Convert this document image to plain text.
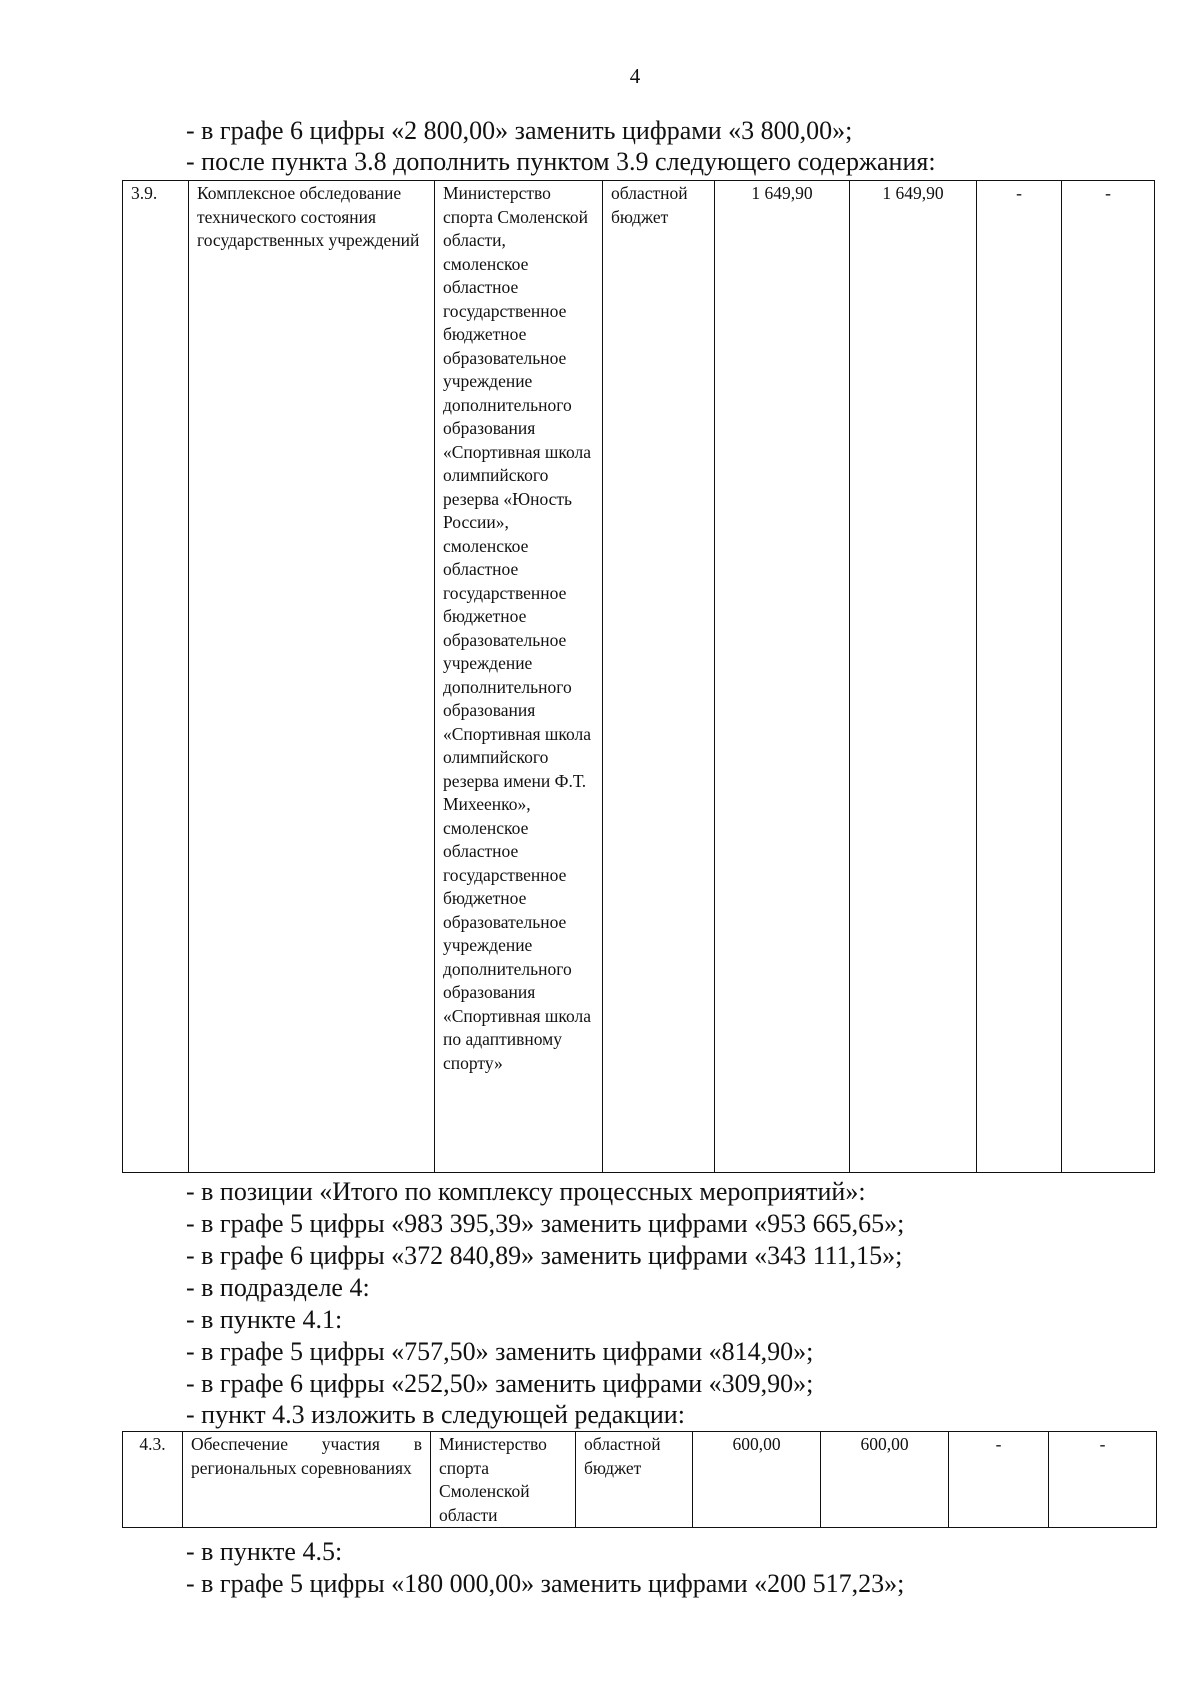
4
- в графе 6 цифры «2 800,00» заменить цифрами «3 800,00»;
- после пункта 3.8 дополнить пунктом 3.9 следующего содержания:
3.9.	Комплексное обследование технического состояния государственных учреждений	Министерство спорта Смоленской области, смоленское областное государственное бюджетное образовательное учреждение дополнительного образования «Спортивная школа олимпийского резерва «Юность России», смоленское областное государственное бюджетное образовательное учреждение дополнительного образования «Спортивная школа олимпийского резерва имени Ф.Т. Михеенко», смоленское областное государственное бюджетное образовательное учреждение дополнительного образования «Спортивная школа по адаптивному спорту»	областной бюджет	1 649,90	1 649,90	-	-
- в позиции «Итого по комплексу процессных мероприятий»:
- в графе 5 цифры «983 395,39» заменить цифрами «953 665,65»;
- в графе 6 цифры «372 840,89» заменить цифрами «343 111,15»;
- в подразделе 4:
- в пункте 4.1:
- в графе 5 цифры «757,50» заменить цифрами «814,90»;
- в графе 6 цифры «252,50» заменить цифрами «309,90»;
- пункт 4.3 изложить в следующей редакции:
4.3.	Обеспечение участия в региональных соревнованиях	Министерство спорта Смоленской области	областной бюджет	600,00	600,00	-	-
- в пункте 4.5:
- в графе 5 цифры «180 000,00» заменить цифрами «200 517,23»;
